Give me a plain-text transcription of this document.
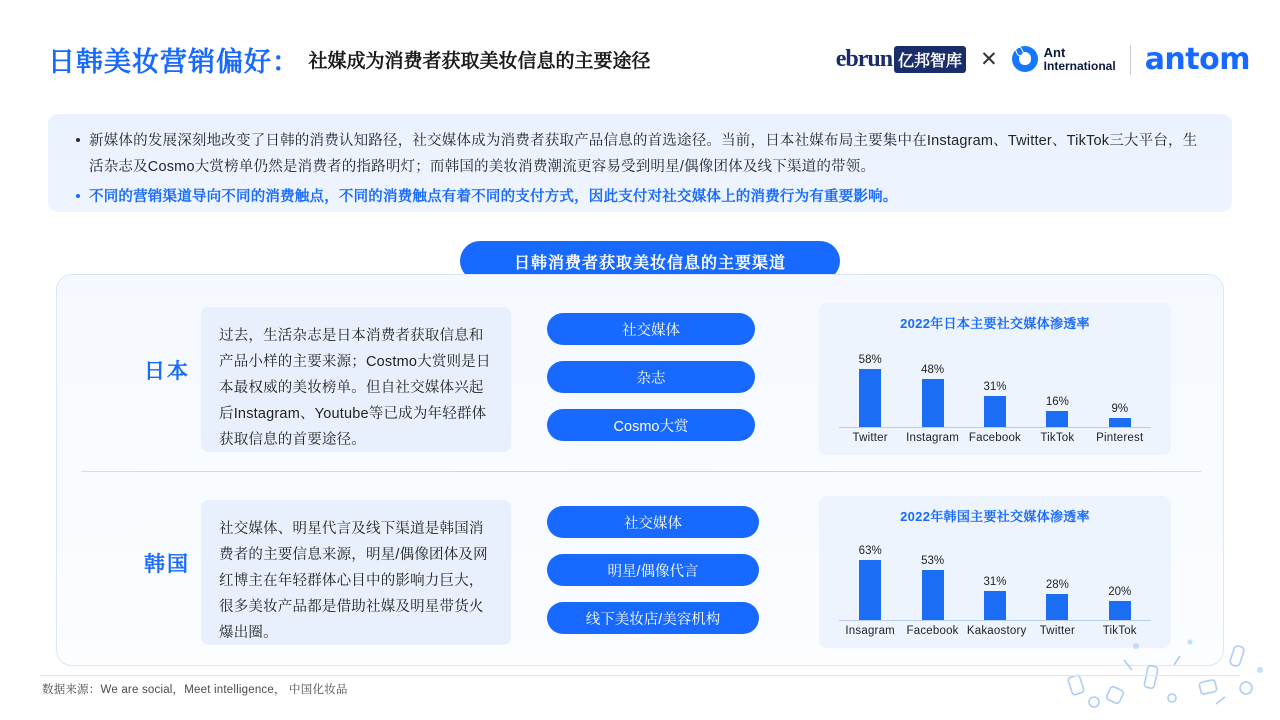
日韩美妆营销偏好： 社媒成为消费者获取美妆信息的主要途径	ebrun 亿邦智库 ✕	Ant
International antom
新媒体的发展深刻地改变了日韩的消费认知路径，社交媒体成为消费者获取产品信息的首选途径。当前，日本社媒布局主要集中在Instagram、Twitter、TikTok三大平台，生活杂志及Cosmo大赏榜单仍然是消费者的指路明灯；而韩国的美妆消费潮流更容易受到明星/偶像团体及线下渠道的带领。
不同的营销渠道导向不同的消费触点，不同的消费触点有着不同的支付方式，因此支付对社交媒体上的消费行为有重要影响。
日韩消费者获取美妆信息的主要渠道
日本
过去，生活杂志是日本消费者获取信息和产品小样的主要来源；Costmo大赏则是日本最权威的美妆榜单。但自社交媒体兴起后Instagram、Youtube等已成为年轻群体获取信息的首要途径。
社交媒体
杂志
Cosmo大赏
2022年日本主要社交媒体渗透率
58%
48%
31%
16%
9%
Twitter	Instagram Facebook	TikTok	Pinterest
韩国
社交媒体、明星代言及线下渠道是韩国消费者的主要信息来源，明星/偶像团体及网红博主在年轻群体心目中的影响力巨大，很多美妆产品都是借助社媒及明星带货火爆出圈。
社交媒体
明星/偶像代言
线下美妆店/美容机构
2022年韩国主要社交媒体渗透率
63%
53%
31%	28%
20%
Insagram Facebook Kakaostory	Twitter	TikTok
数据来源：We are social，Meet intelligence， 中国化妆品
